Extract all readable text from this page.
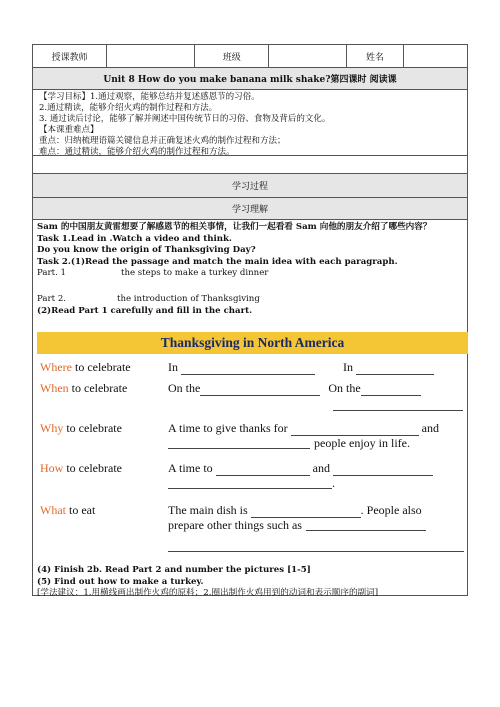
授课教师	班级	姓名
Unit 8 How do you make banana milk shake?第四课时 阅读课
【学习目标】1.通过观察，能够总结并复述感恩节的习俗。
2.通过精读，能够介绍火鸡的制作过程和方法。
3. 通过读后讨论，能够了解并阐述中国传统节日的习俗、食物及背后的文化。
【本课重难点】
重点：归纳梳理语篇关键信息并正确复述火鸡的制作过程和方法；
难点：通过精读，能够介绍火鸡的制作过程和方法。
学习过程
学习理解

Sam 的中国朋友黄雷想要了解感恩节的相关事情，让我们一起看看 Sam 向他的朋友介绍了哪些内容？

Task 1.Lead in .Watch a video and think.

Do you know the origin of Thanksgiving Day?

Task 2.(1)Read the passage and match the main idea with each paragraph.

Part. 1	the steps to make a turkey dinner

Part 2.	the introduction of Thanksgiving

(2)Read Part 1 carefully and fill in the chart.

Thanksgiving in North America
Where to celebrate	In	In
When to celebrate	On the	On the
Why to celebrate	A time to give thanks for	and
people enjoy in life.
How to celebrate	A time to	and
.
What to eat	The main dish is	. People also
prepare other things such as

(4) Finish 2b. Read Part 2 and number the pictures [1-5]

(5) Find out how to make a turkey.

[学法建议：1.用横线画出制作火鸡的原料；2.圈出制作火鸡用到的动词和表示顺序的副词]
